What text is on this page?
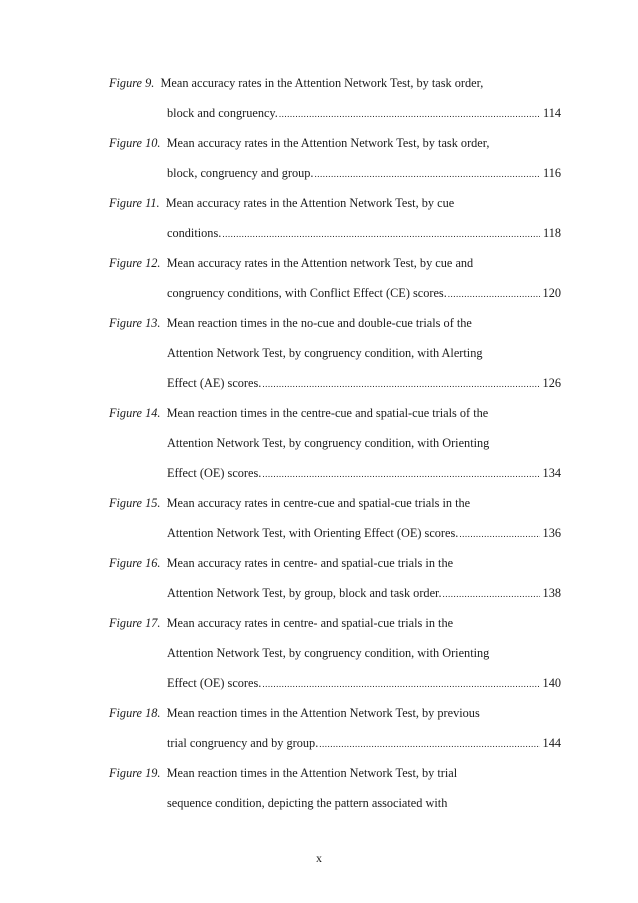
Figure 9. Mean accuracy rates in the Attention Network Test, by task order,
block and congruency. .....	114
Figure 10. Mean accuracy rates in the Attention Network Test, by task order,
block, congruency and group. .....	116
Figure 11. Mean accuracy rates in the Attention Network Test, by cue
conditions. .....	118
Figure 12. Mean accuracy rates in the Attention network Test, by cue and
congruency conditions, with Conflict Effect (CE) scores. .....	120
Figure 13. Mean reaction times in the no-cue and double-cue trials of the
Attention Network Test, by congruency condition, with Alerting
Effect (AE) scores. .....	126
Figure 14. Mean reaction times in the centre-cue and spatial-cue trials of the
Attention Network Test, by congruency condition, with Orienting
Effect (OE) scores. .....	134
Figure 15. Mean accuracy rates in centre-cue and spatial-cue trials in the
Attention Network Test, with Orienting Effect (OE) scores. .....	136
Figure 16. Mean accuracy rates in centre- and spatial-cue trials in the
Attention Network Test, by group, block and task order. .....	138
Figure 17. Mean accuracy rates in centre- and spatial-cue trials in the
Attention Network Test, by congruency condition, with Orienting
Effect (OE) scores. .....	140
Figure 18. Mean reaction times in the Attention Network Test, by previous
trial congruency and by group. .....	144
Figure 19. Mean reaction times in the Attention Network Test, by trial
sequence condition, depicting the pattern associated with
x
